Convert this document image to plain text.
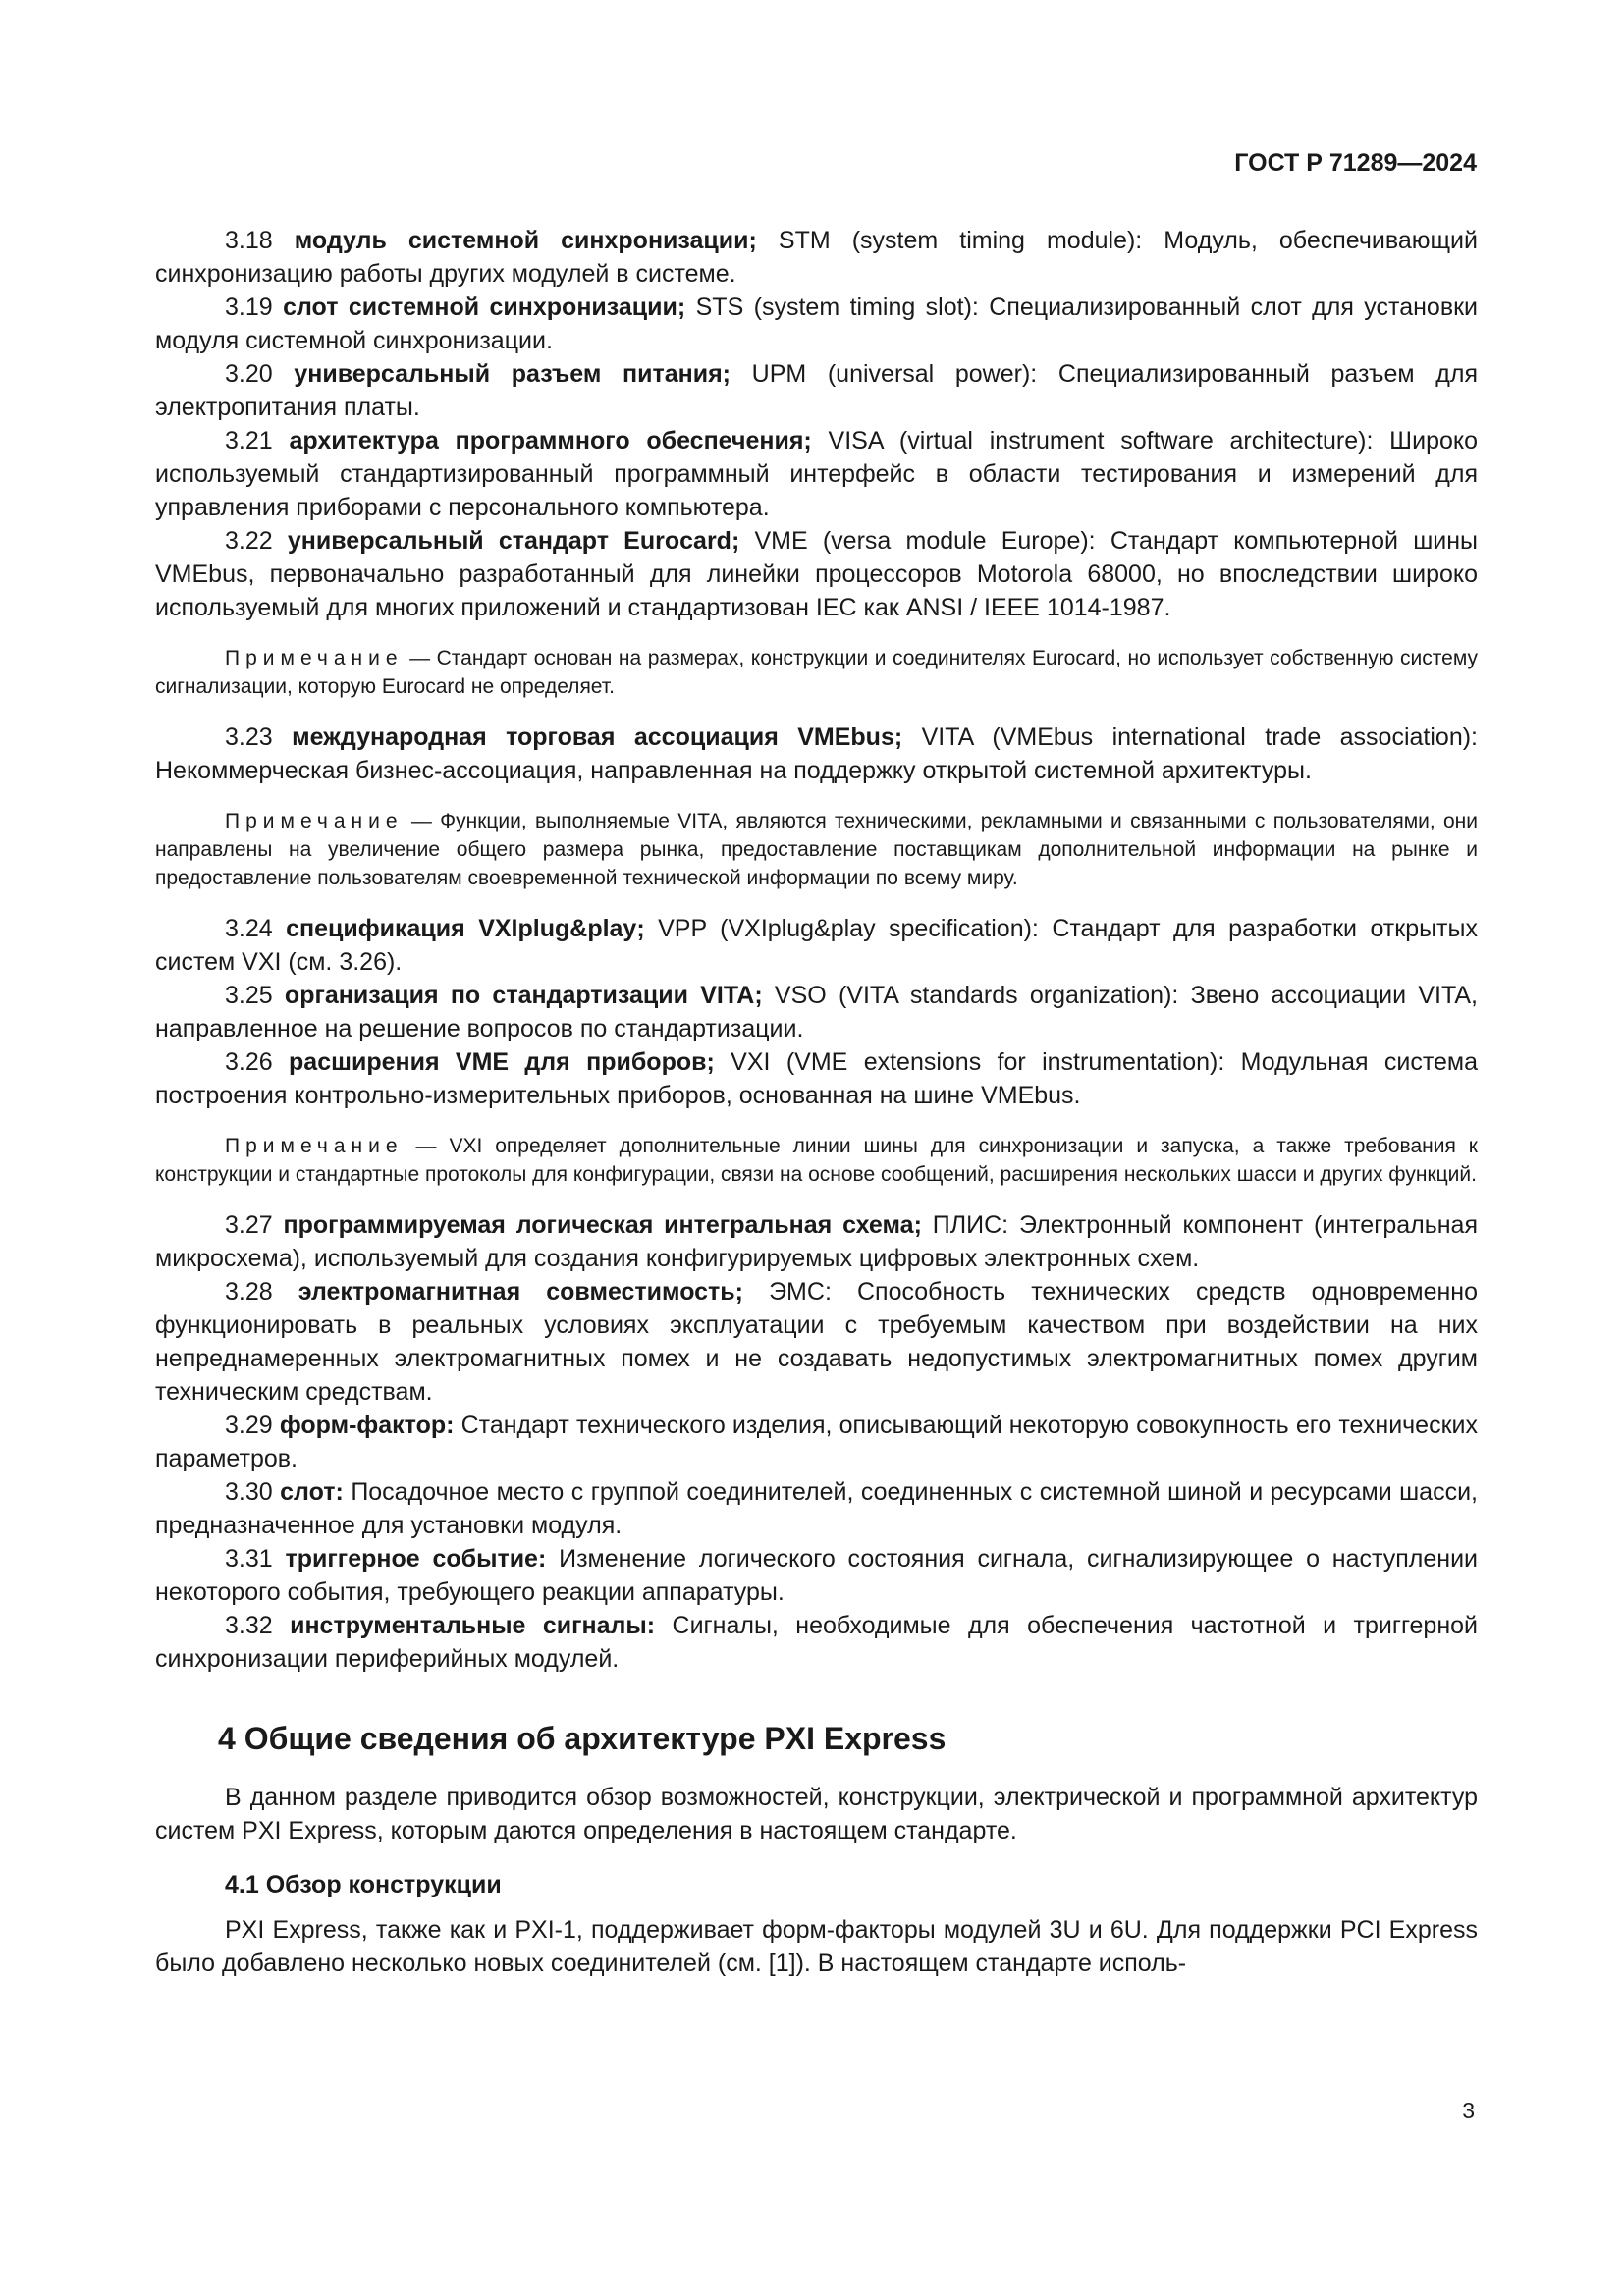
ГОСТ Р 71289—2024

3.18 модуль системной синхронизации; STM (system timing module): Модуль, обеспечивающий синхронизацию работы других модулей в системе.

3.19 слот системной синхронизации; STS (system timing slot): Специализированный слот для установки модуля системной синхронизации.

3.20 универсальный разъем питания; UPM (universal power): Специализированный разъем для электропитания платы.

3.21 архитектура программного обеспечения; VISA (virtual instrument software architecture): Широко используемый стандартизированный программный интерфейс в области тестирования и измерений для управления приборами с персонального компьютера.

3.22 универсальный стандарт Eurocard; VME (versa module Europe): Стандарт компьютерной шины VMEbus, первоначально разработанный для линейки процессоров Motorola 68000, но впоследствии широко используемый для многих приложений и стандартизован IEC как ANSI / IEEE 1014-1987.

Примечание — Стандарт основан на размерах, конструкции и соединителях Eurocard, но использует собственную систему сигнализации, которую Eurocard не определяет.

3.23 международная торговая ассоциация VMEbus; VITA (VMEbus international trade association): Некоммерческая бизнес-ассоциация, направленная на поддержку открытой системной архитектуры.

Примечание — Функции, выполняемые VITA, являются техническими, рекламными и связанными с пользователями, они направлены на увеличение общего размера рынка, предоставление поставщикам дополнительной информации на рынке и предоставление пользователям своевременной технической информации по всему миру.

3.24 спецификация VXIplug&play; VPP (VXIplug&play specification): Стандарт для разработки открытых систем VXI (см. 3.26).

3.25 организация по стандартизации VITA; VSO (VITA standards organization): Звено ассоциации VITA, направленное на решение вопросов по стандартизации.

3.26 расширения VME для приборов; VXI (VME extensions for instrumentation): Модульная система построения контрольно-измерительных приборов, основанная на шине VMEbus.

Примечание — VXI определяет дополнительные линии шины для синхронизации и запуска, а также требования к конструкции и стандартные протоколы для конфигурации, связи на основе сообщений, расширения нескольких шасси и других функций.

3.27 программируемая логическая интегральная схема; ПЛИС: Электронный компонент (интегральная микросхема), используемый для создания конфигурируемых цифровых электронных схем.

3.28 электромагнитная совместимость; ЭМС: Способность технических средств одновременно функционировать в реальных условиях эксплуатации с требуемым качеством при воздействии на них непреднамеренных электромагнитных помех и не создавать недопустимых электромагнитных помех другим техническим средствам.

3.29 форм-фактор: Стандарт технического изделия, описывающий некоторую совокупность его технических параметров.

3.30 слот: Посадочное место с группой соединителей, соединенных с системной шиной и ресурсами шасси, предназначенное для установки модуля.

3.31 триггерное событие: Изменение логического состояния сигнала, сигнализирующее о наступлении некоторого события, требующего реакции аппаратуры.

3.32 инструментальные сигналы: Сигналы, необходимые для обеспечения частотной и триггерной синхронизации периферийных модулей.

4 Общие сведения об архитектуре PXI Express

В данном разделе приводится обзор возможностей, конструкции, электрической и программной архитектур систем PXI Express, которым даются определения в настоящем стандарте.

4.1 Обзор конструкции

PXI Express, также как и PXI-1, поддерживает форм-факторы модулей 3U и 6U. Для поддержки PCI Express было добавлено несколько новых соединителей (см. [1]). В настоящем стандарте исполь-

3
